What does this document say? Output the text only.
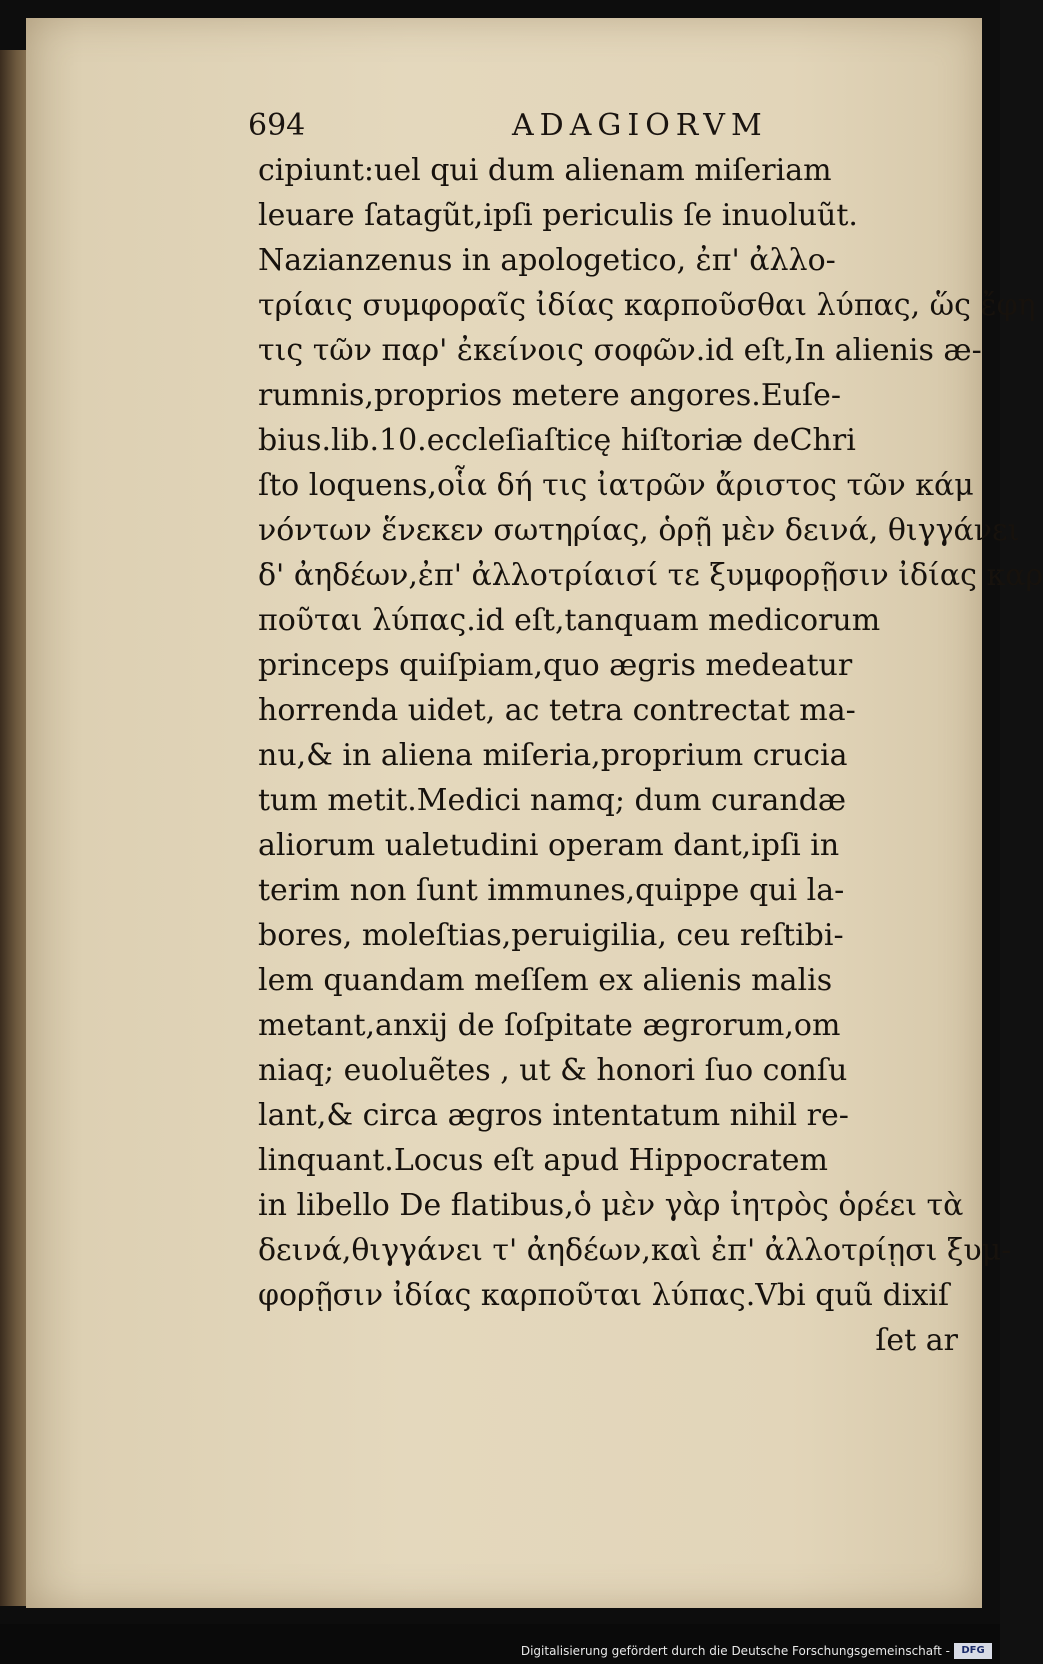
694	ADAGIORVM
cipiunt:uel qui dum alienam miſeriam
leuare ſatagũt,ipſi periculis ſe inuoluũt.
Nazianzenus in apologetico, ἐπ' ἀλλο-
τρίαις συμφοραῖς ἰδίας καρποῦσθαι λύπας, ὥς ἔφη
τις τῶν παρ' ἐκείνοις σοφῶν.id eſt,In alienis æ-
rumnis,proprios metere angores.Euſe-
bius.lib.10.eccleſiaſticę hiſtoriæ deChri
ſto loquens,οἷα δή τις ἰατρῶν ἄριστος τῶν κάμ
νόντων ἕνεκεν σωτηρίας, ὁρῇ μὲν δεινά, θιγγάνει
δ' ἀηδέων,ἐπ' ἀλλοτρίαισί τε ξυμφορῇσιν ἰδίας καρ
ποῦται λύπας.id eſt,tanquam medicorum
princeps quiſpiam,quo ægris medeatur
horrenda uidet, ac tetra contrectat ma-
nu,& in aliena miſeria,proprium crucia
tum metit.Medici namq; dum curandæ
aliorum ualetudini operam dant,ipſi in
terim non ſunt immunes,quippe qui la-
bores, moleſtias,peruigilia, ceu reſtibi-
lem quandam meſſem ex alienis malis
metant,anxij de ſoſpitate ægrorum,om
niaq; euoluẽtes , ut & honori ſuo conſu
lant,& circa ægros intentatum nihil re-
linquant.Locus eſt apud Hippocratem
in libello De flatibus,ὁ μὲν γὰρ ἰητρὸς ὁρέει τὰ
δεινά,θιγγάνει τ' ἀηδέων,καὶ ἐπ' ἀλλοτρίῃσι ξυμ-
φορῇσιν ἰδίας καρποῦται λύπας.Vbi quũ dixiſ
ſet ar
Digitalisierung gefördert durch die Deutsche Forschungsgemeinschaft -	DFG
